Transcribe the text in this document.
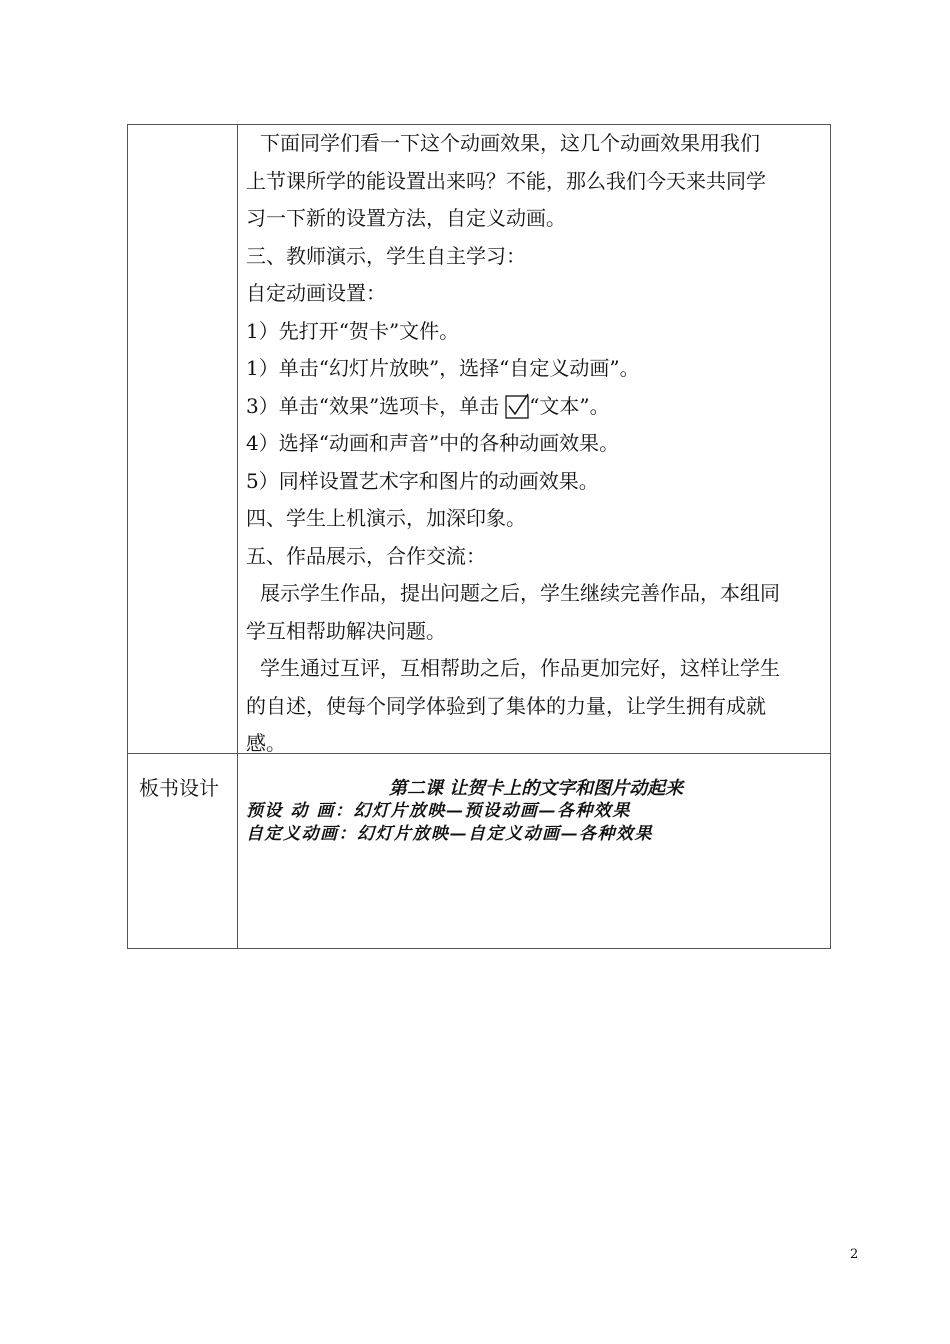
下面同学们看一下这个动画效果，这几个动画效果用我们
上节课所学的能设置出来吗？不能，那么我们今天来共同学
习一下新的设置方法，自定义动画。
三、教师演示，学生自主学习：
自定动画设置：
1）先打开“贺卡”文件。
1）单击“幻灯片放映”，选择“自定义动画”。
3）单击“效果”选项卡，单击 “文本”。
4）选择“动画和声音”中的各种动画效果。
5）同样设置艺术字和图片的动画效果。
四、学生上机演示，加深印象。
五、作品展示，合作交流：
展示学生作品，提出问题之后，学生继续完善作品，本组同
学互相帮助解决问题。
学生通过互评，互相帮助之后，作品更加完好，这样让学生
的自述，使每个同学体验到了集体的力量，让学生拥有成就
感。
板书设计	第二课 让贺卡上的文字和图片动起来
预设 动 画：幻灯片放映—预设动画—各种效果
自定义动画：幻灯片放映—自定义动画—各种效果
2
